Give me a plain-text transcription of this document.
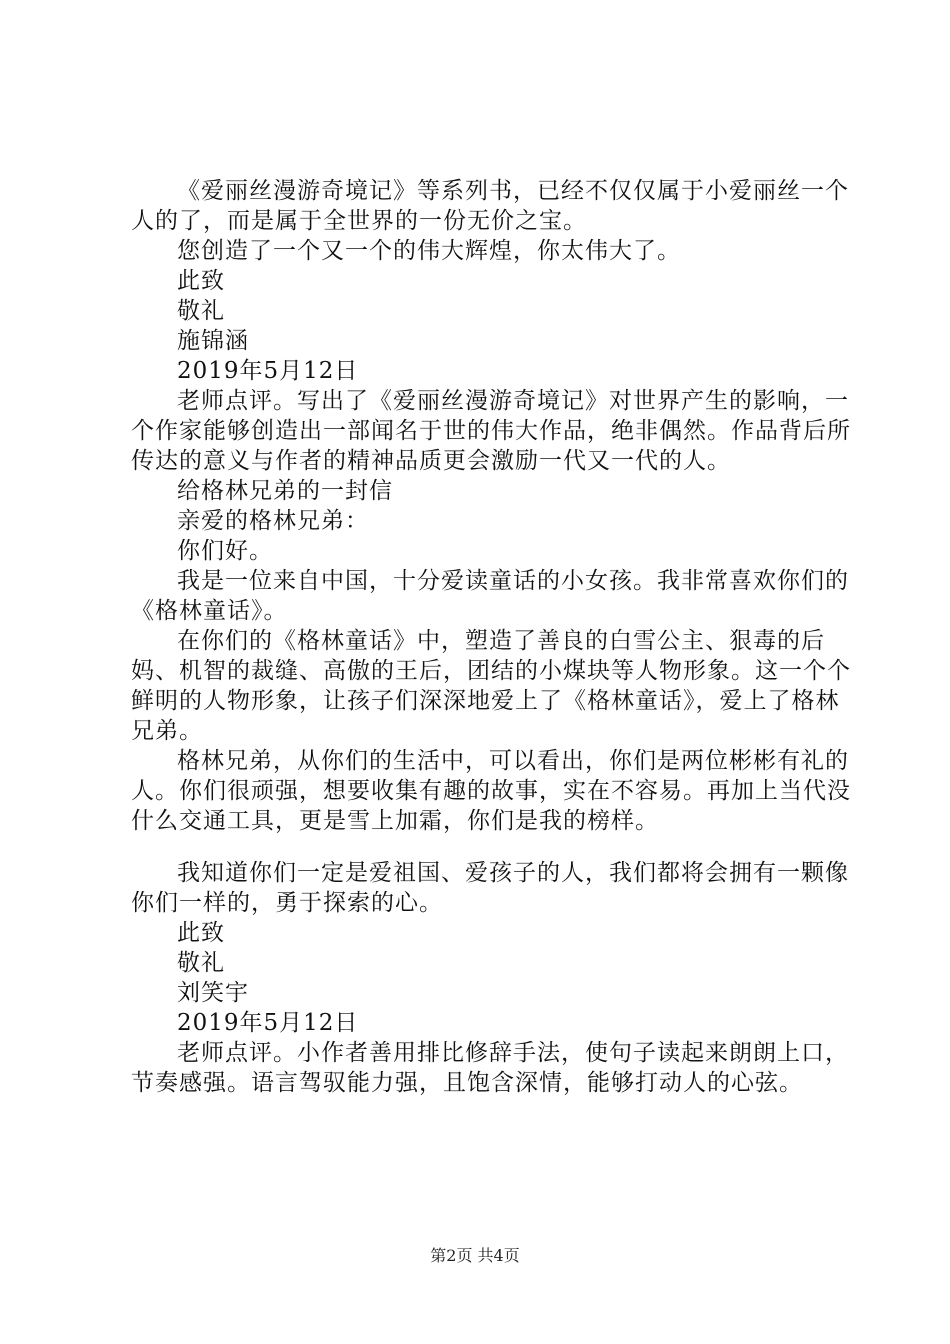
《爱丽丝漫游奇境记》等系列书，已经不仅仅属于小爱丽丝一个人的了，而是属于全世界的一份无价之宝。

您创造了一个又一个的伟大辉煌，你太伟大了。

此致

敬礼

施锦涵

2019年5月12日

老师点评。写出了《爱丽丝漫游奇境记》对世界产生的影响，一个作家能够创造出一部闻名于世的伟大作品，绝非偶然。作品背后所传达的意义与作者的精神品质更会激励一代又一代的人。

给格林兄弟的一封信

亲爱的格林兄弟：

你们好。

我是一位来自中国，十分爱读童话的小女孩。我非常喜欢你们的《格林童话》。

在你们的《格林童话》中，塑造了善良的白雪公主、狠毒的后妈、机智的裁缝、高傲的王后，团结的小煤块等人物形象。这一个个鲜明的人物形象，让孩子们深深地爱上了《格林童话》，爱上了格林兄弟。

格林兄弟，从你们的生活中，可以看出，你们是两位彬彬有礼的人。你们很顽强，想要收集有趣的故事，实在不容易。再加上当代没什么交通工具，更是雪上加霜，你们是我的榜样。

我知道你们一定是爱祖国、爱孩子的人，我们都将会拥有一颗像你们一样的，勇于探索的心。

此致

敬礼

刘笑宇

2019年5月12日

老师点评。小作者善用排比修辞手法，使句子读起来朗朗上口，节奏感强。语言驾驭能力强，且饱含深情，能够打动人的心弦。

第2页 共4页
